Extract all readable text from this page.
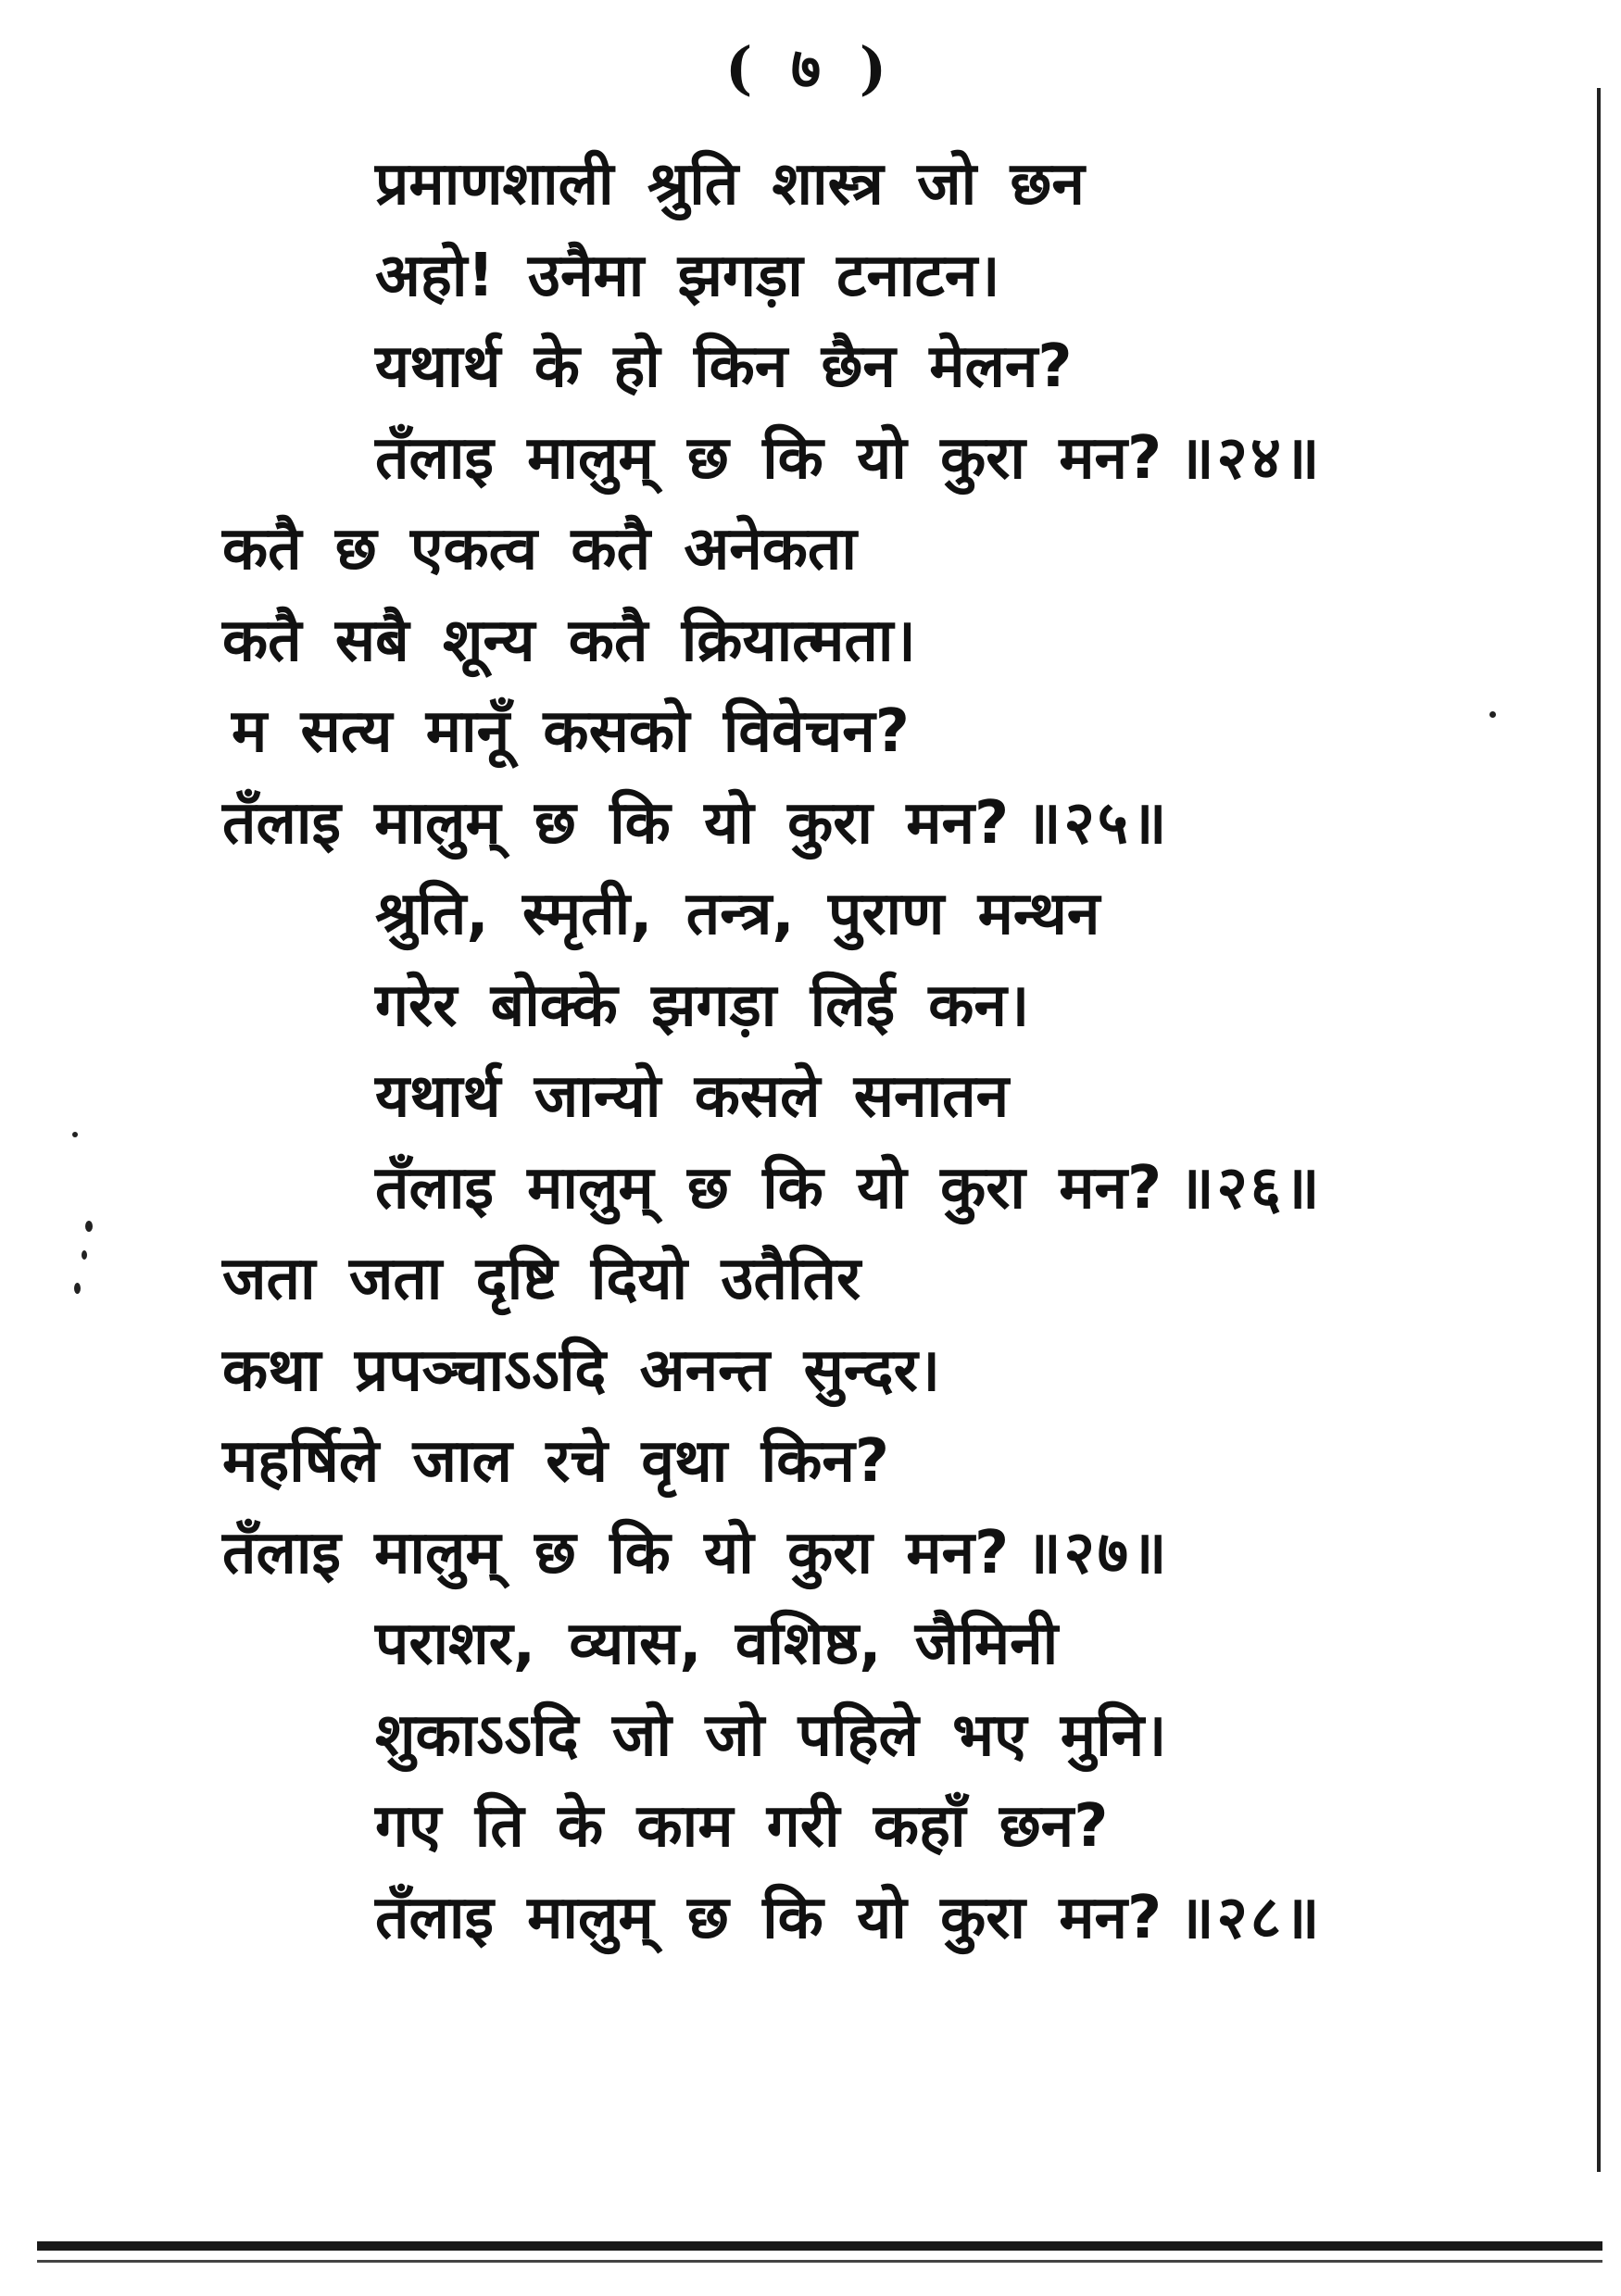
( ७ )
प्रमाणशाली श्रुति शास्त्र जो छन
अहो! उनैमा झगड़ा टनाटन।
यथार्थ के हो किन छैन मेलन?
तँलाइ मालुम् छ कि यो कुरा मन? ॥२४॥
कतै छ एकत्व कतै अनेकता
कतै सबै शून्य कतै क्रियात्मता।
म सत्य मानूँ कसको विवेचन?
तँलाइ मालुम् छ कि यो कुरा मन? ॥२५॥
श्रुति, स्मृती, तन्त्र, पुराण मन्थन
गरेर बोक्के झगड़ा लिई कन।
यथार्थ जान्यो कसले सनातन
तँलाइ मालुम् छ कि यो कुरा मन? ॥२६॥
जता जता दृष्टि दियो उतैतिर
कथा प्रपञ्चाऽऽदि अनन्त सुन्दर।
महर्षिले जाल रचे वृथा किन?
तँलाइ मालुम् छ कि यो कुरा मन? ॥२७॥
पराशर, व्यास, वशिष्ठ, जैमिनी
शुकाऽऽदि जो जो पहिले भए मुनि।
गए ति के काम गरी कहाँ छन?
तँलाइ मालुम् छ कि यो कुरा मन? ॥२८॥
